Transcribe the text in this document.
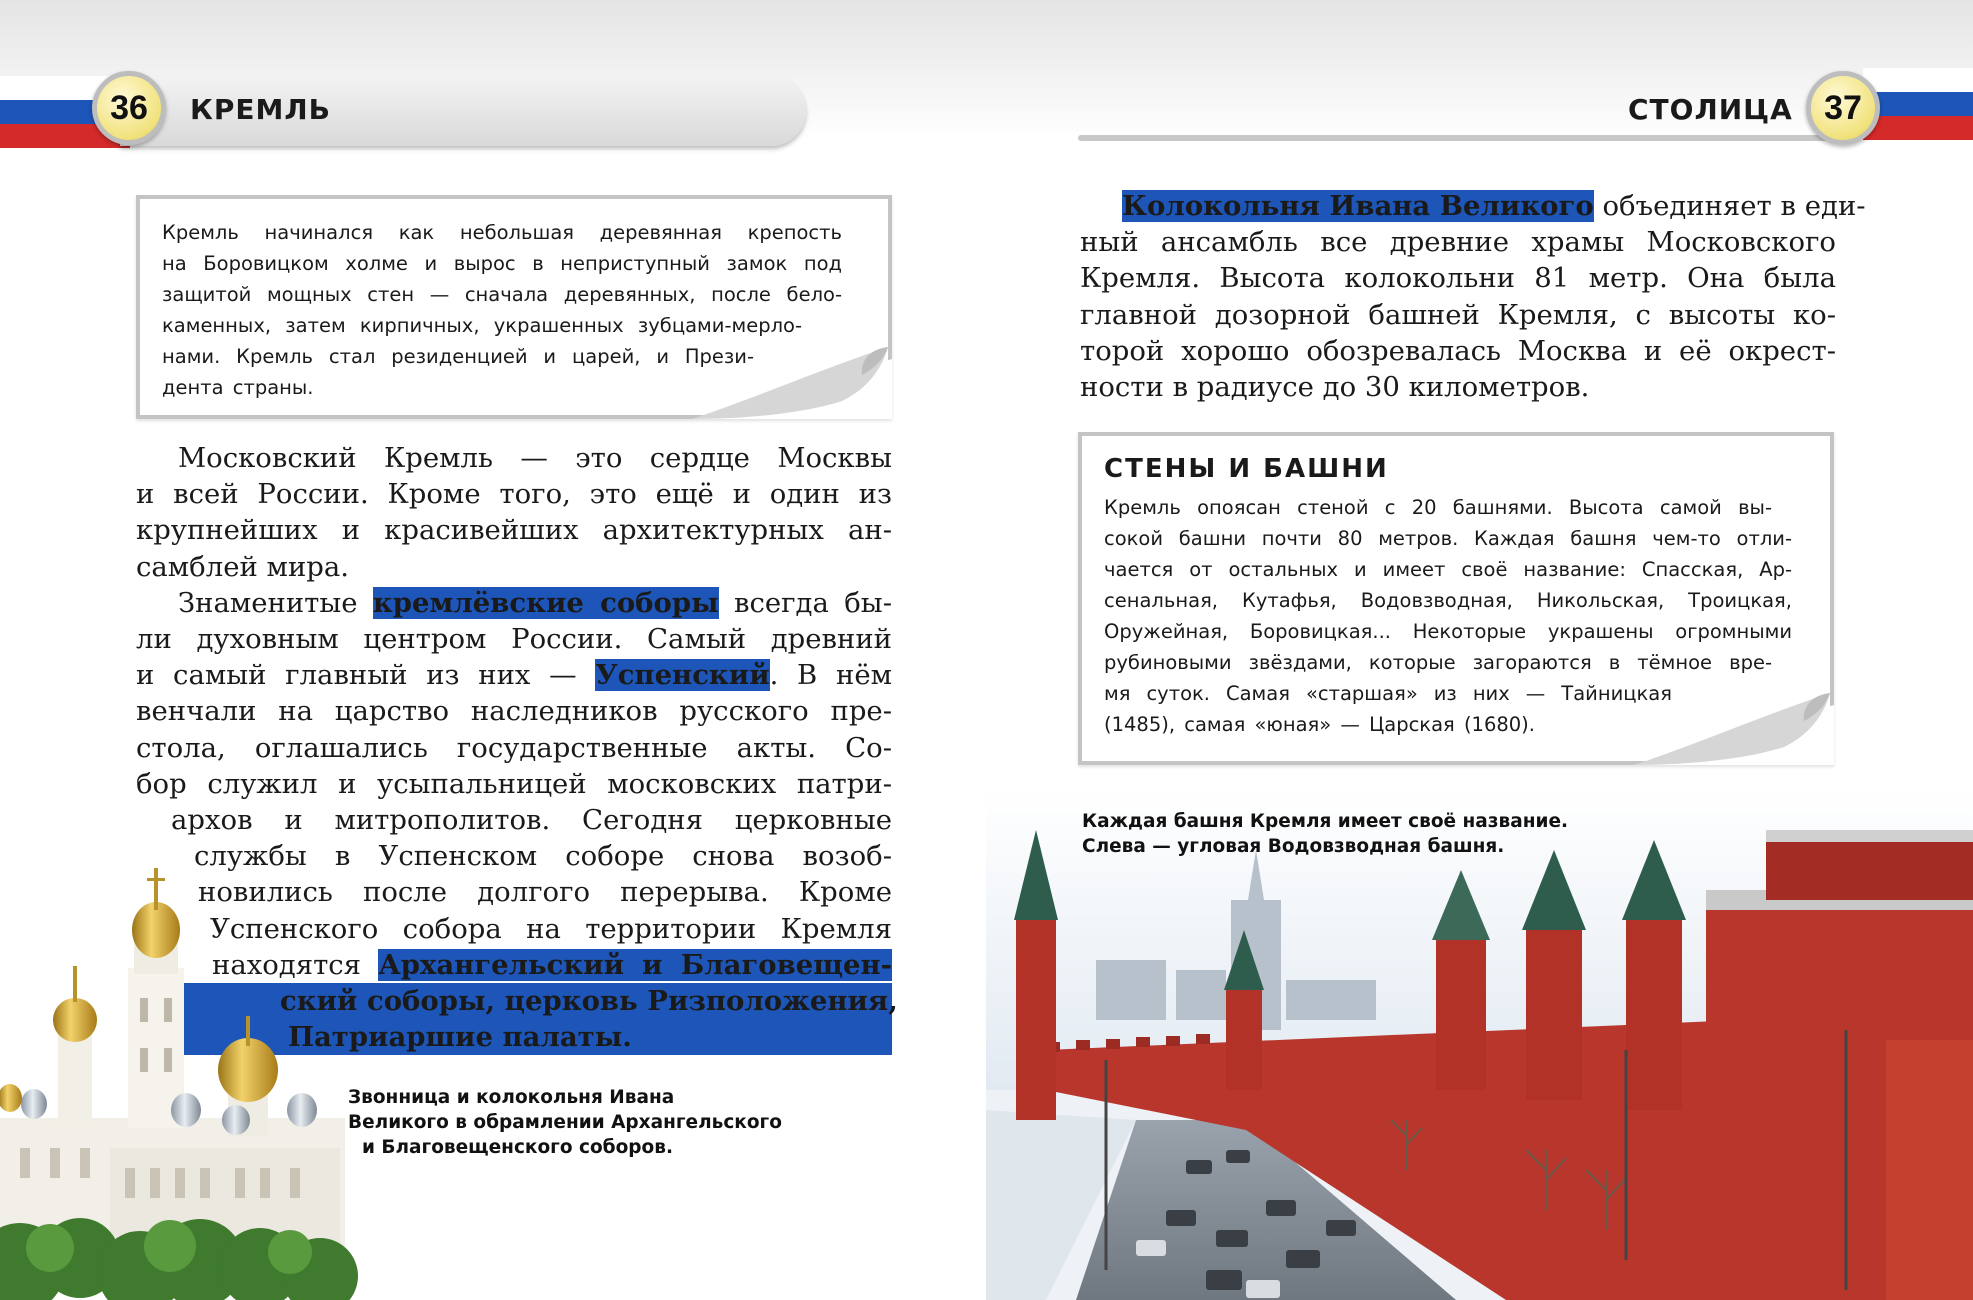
36	37
КРЕМЛЬ	СТОЛИЦА
Кремль начинался как небольшая деревянная крепость
на Боровицком холме и вырос в неприступный замок под
защитой мощных стен — сначала деревянных, после бело-
каменных, затем кирпичных, украшенных зубцами-мерло-
нами. Кремль стал резиденцией и царей, и Прези-
дента страны.
Московский Кремль — это сердце Москвы
и всей России. Кроме того, это ещё и один из
крупнейших и красивейших архитектурных ан-
самблей мира.
Знаменитые кремлёвские соборы всегда бы-
ли духовным центром России. Самый древний
и самый главный из них — Успенский. В нём
венчали на царство наследников русского пре-
стола, оглашались государственные акты. Со-
бор служил и усыпальницей московских патри-
архов и митрополитов. Сегодня церковные
службы в Успенском соборе снова возоб-
новились после долгого перерыва. Кроме
Успенского собора на территории Кремля
находятся Архангельский и Благовещен-
ский соборы, церковь Ризположения,
Патриаршие палаты.
Звонница и колокольня Ивана
Великого в обрамлении Архангельского
и Благовещенского соборов.
Колокольня Ивана Великого объединяет в еди-
ный ансамбль все древние храмы Московского
Кремля. Высота колокольни 81 метр. Она была
главной дозорной башней Кремля, с высоты ко-
торой хорошо обозревалась Москва и её окрест-
ности в радиусе до 30 километров.
СТЕНЫ И БАШНИ
Кремль опоясан стеной с 20 башнями. Высота самой вы-
сокой башни почти 80 метров. Каждая башня чем-то отли-
чается от остальных и имеет своё название: Спасская, Ар-
сенальная, Кутафья, Водовзводная, Никольская, Троицкая,
Оружейная, Боровицкая... Некоторые украшены огромными
рубиновыми звёздами, которые загораются в тёмное вре-
мя суток. Самая «старшая» из них — Тайницкая
(1485), самая «юная» — Царская (1680).
Каждая башня Кремля имеет своё название.
Слева — угловая Водовзводная башня.
